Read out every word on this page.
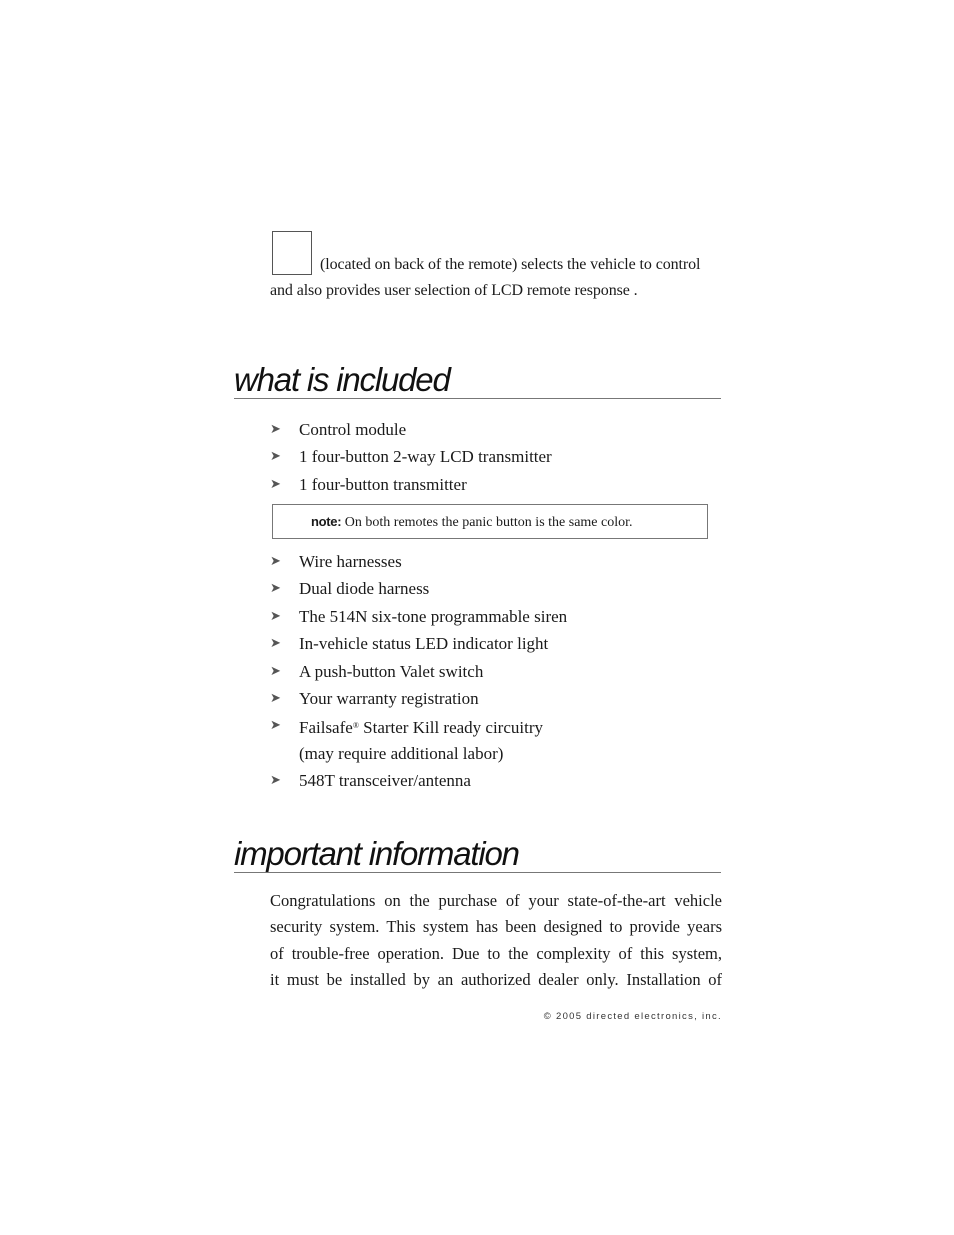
(located on back of the remote) selects the vehicle to control
and also provides user selection of LCD remote response .
what is included
➤ Control module
➤ 1 four-button 2-way LCD transmitter
➤ 1 four-button transmitter
note: On both remotes the panic button is the same color.
➤ Wire harnesses
➤ Dual diode harness
➤ The 514N six-tone programmable siren
➤ In-vehicle status LED indicator light
➤ A push-button Valet switch
➤ Your warranty registration
➤ Failsafe® Starter Kill ready circuitry
(may require additional labor)
➤ 548T transceiver/antenna
important information
Congratulations on the purchase of your state-of-the-art vehicle
security system. This system has been designed to provide years
of trouble-free operation. Due to the complexity of this system,
it must be installed by an authorized dealer only. Installation of
© 2005 directed electronics, inc.
